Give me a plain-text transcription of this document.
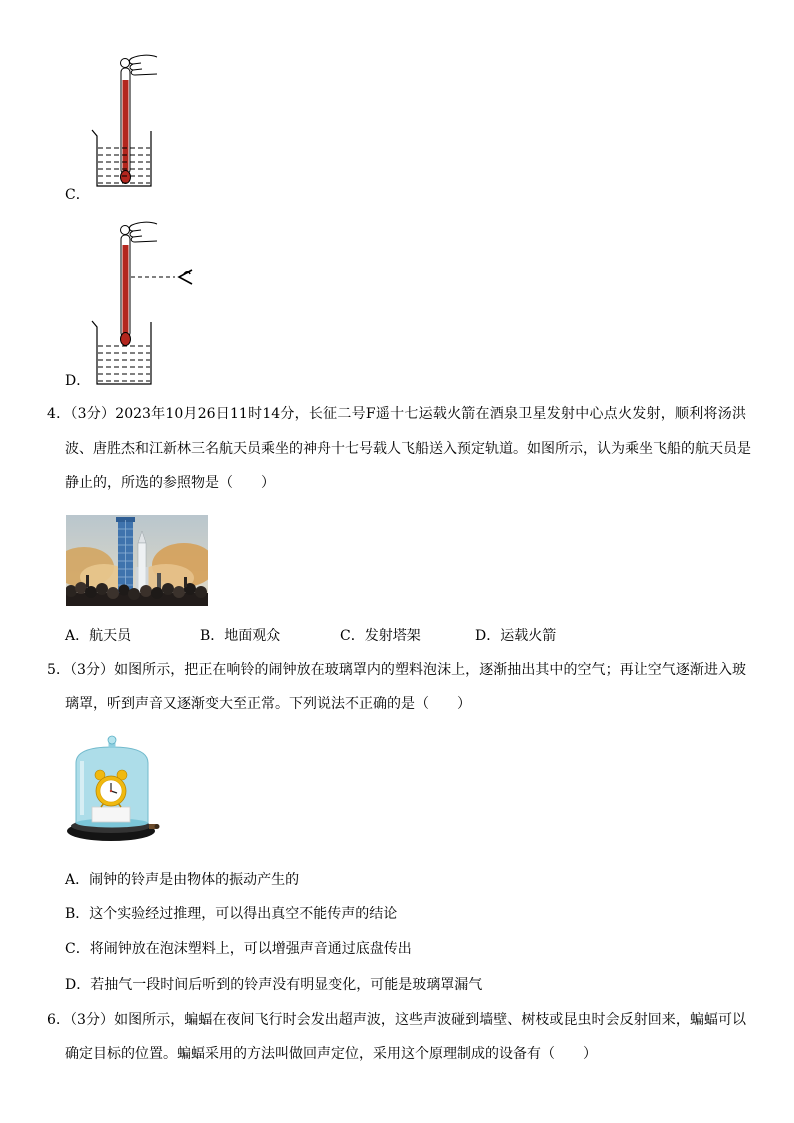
C．
D．
4．（3分）2023年10月26日11时14分，长征二号F遥十七运载火箭在酒泉卫星发射中心点火发射，顺利将汤洪
波、唐胜杰和江新林三名航天员乘坐的神舟十七号载人飞船送入预定轨道。如图所示，认为乘坐飞船的航天员是
静止的，所选的参照物是（　　）
A．航天员	B．地面观众	C．发射塔架	D．运载火箭
5．（3分）如图所示，把正在响铃的闹钟放在玻璃罩内的塑料泡沫上，逐渐抽出其中的空气；再让空气逐渐进入玻
璃罩，听到声音又逐渐变大至正常。下列说法不正确的是（　　）
A．闹钟的铃声是由物体的振动产生的
B．这个实验经过推理，可以得出真空不能传声的结论
C．将闹钟放在泡沫塑料上，可以增强声音通过底盘传出
D．若抽气一段时间后听到的铃声没有明显变化，可能是玻璃罩漏气
6．（3分）如图所示，蝙蝠在夜间飞行时会发出超声波，这些声波碰到墙壁、树枝或昆虫时会反射回来，蝙蝠可以
确定目标的位置。蝙蝠采用的方法叫做回声定位，采用这个原理制成的设备有（　　）
